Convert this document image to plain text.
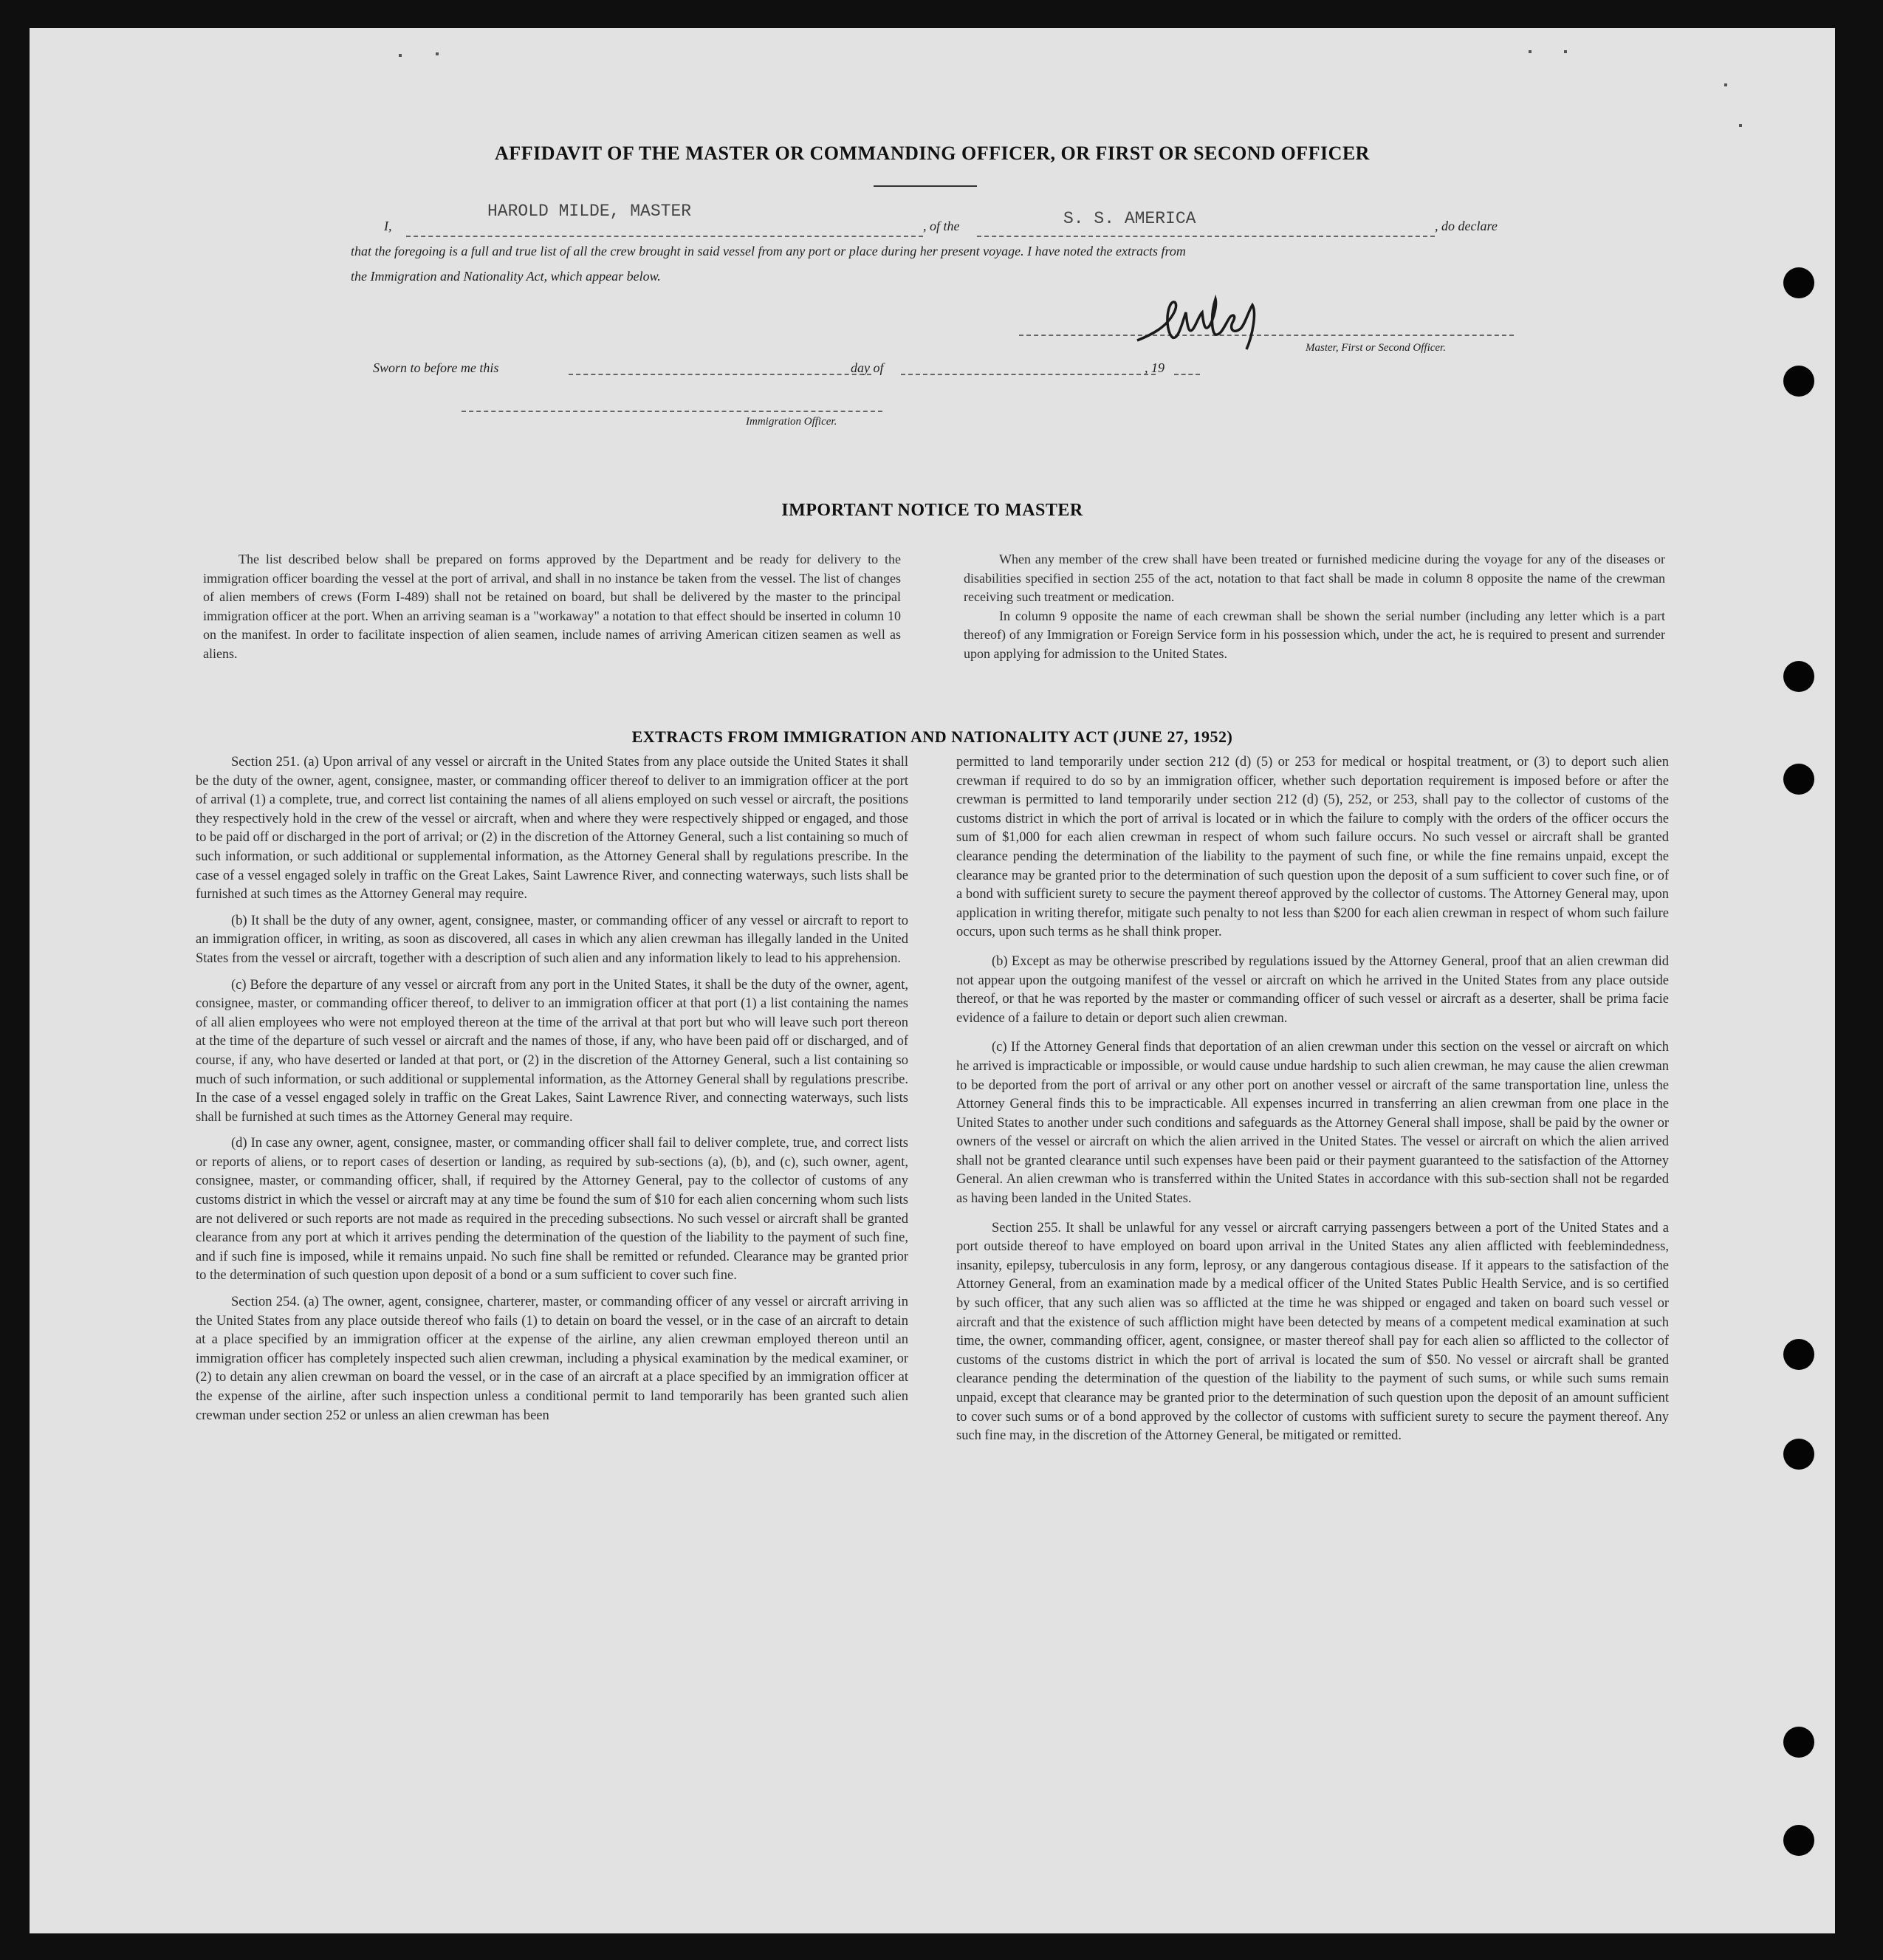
AFFIDAVIT OF THE MASTER OR COMMANDING OFFICER, OR FIRST OR SECOND OFFICER
I,
HAROLD MILDE, MASTER
, of the	S. S. AMERICA	, do declare
that the foregoing is a full and true list of all the crew brought in said vessel from any port or place during her present voyage. I have noted the extracts from
the Immigration and Nationality Act, which appear below.
Master, First or Second Officer.
Sworn to before me this	day of	, 19
Immigration Officer.
IMPORTANT NOTICE TO MASTER

The list described below shall be prepared on forms approved by the Department and be ready for delivery to the immigration officer boarding the vessel at the port of arrival, and shall in no instance be taken from the vessel. The list of changes of alien members of crews (Form I-489) shall not be retained on board, but shall be delivered by the master to the principal immigration officer at the port. When an arriving seaman is a "workaway" a notation to that effect should be inserted in column 10 on the manifest. In order to facilitate inspection of alien seamen, include names of arriving American citizen seamen as well as aliens.

When any member of the crew shall have been treated or furnished medicine during the voyage for any of the diseases or disabilities specified in section 255 of the act, notation to that fact shall be made in column 8 opposite the name of the crewman receiving such treatment or medication.

In column 9 opposite the name of each crewman shall be shown the serial number (including any letter which is a part thereof) of any Immigration or Foreign Service form in his possession which, under the act, he is required to present and surrender upon applying for admission to the United States.

EXTRACTS FROM IMMIGRATION AND NATIONALITY ACT (JUNE 27, 1952)

Section 251. (a) Upon arrival of any vessel or aircraft in the United States from any place outside the United States it shall be the duty of the owner, agent, consignee, master, or commanding officer thereof to deliver to an immigration officer at the port of arrival (1) a complete, true, and correct list containing the names of all aliens employed on such vessel or aircraft, the positions they respectively hold in the crew of the vessel or aircraft, when and where they were respectively shipped or engaged, and those to be paid off or discharged in the port of arrival; or (2) in the discretion of the Attorney General, such a list containing so much of such information, or such additional or supplemental information, as the Attorney General shall by regulations prescribe. In the case of a vessel engaged solely in traffic on the Great Lakes, Saint Lawrence River, and connecting waterways, such lists shall be furnished at such times as the Attorney General may require.

(b) It shall be the duty of any owner, agent, consignee, master, or commanding officer of any vessel or aircraft to report to an immigration officer, in writing, as soon as discovered, all cases in which any alien crewman has illegally landed in the United States from the vessel or aircraft, together with a description of such alien and any information likely to lead to his apprehension.

(c) Before the departure of any vessel or aircraft from any port in the United States, it shall be the duty of the owner, agent, consignee, master, or commanding officer thereof, to deliver to an immigration officer at that port (1) a list containing the names of all alien employees who were not employed thereon at the time of the arrival at that port but who will leave such port thereon at the time of the departure of such vessel or aircraft and the names of those, if any, who have been paid off or discharged, and of course, if any, who have deserted or landed at that port, or (2) in the discretion of the Attorney General, such a list containing so much of such information, or such additional or supplemental information, as the Attorney General shall by regulations prescribe. In the case of a vessel engaged solely in traffic on the Great Lakes, Saint Lawrence River, and connecting waterways, such lists shall be furnished at such times as the Attorney General may require.

(d) In case any owner, agent, consignee, master, or commanding officer shall fail to deliver complete, true, and correct lists or reports of aliens, or to report cases of desertion or landing, as required by sub-sections (a), (b), and (c), such owner, agent, consignee, master, or commanding officer, shall, if required by the Attorney General, pay to the collector of customs of any customs district in which the vessel or aircraft may at any time be found the sum of $10 for each alien concerning whom such lists are not delivered or such reports are not made as required in the preceding subsections. No such vessel or aircraft shall be granted clearance from any port at which it arrives pending the determination of the question of the liability to the payment of such fine, and if such fine is imposed, while it remains unpaid. No such fine shall be remitted or refunded. Clearance may be granted prior to the determination of such question upon deposit of a bond or a sum sufficient to cover such fine.

Section 254. (a) The owner, agent, consignee, charterer, master, or commanding officer of any vessel or aircraft arriving in the United States from any place outside thereof who fails (1) to detain on board the vessel, or in the case of an aircraft to detain at a place specified by an immigration officer at the expense of the airline, any alien crewman employed thereon until an immigration officer has completely inspected such alien crewman, including a physical examination by the medical examiner, or (2) to detain any alien crewman on board the vessel, or in the case of an aircraft at a place specified by an immigration officer at the expense of the airline, after such inspection unless a conditional permit to land temporarily has been granted such alien crewman under section 252 or unless an alien crewman has been

permitted to land temporarily under section 212 (d) (5) or 253 for medical or hospital treatment, or (3) to deport such alien crewman if required to do so by an immigration officer, whether such deportation requirement is imposed before or after the crewman is permitted to land temporarily under section 212 (d) (5), 252, or 253, shall pay to the collector of customs of the customs district in which the port of arrival is located or in which the failure to comply with the orders of the officer occurs the sum of $1,000 for each alien crewman in respect of whom such failure occurs. No such vessel or aircraft shall be granted clearance pending the determination of the liability to the payment of such fine, or while the fine remains unpaid, except the clearance may be granted prior to the determination of such question upon the deposit of a sum sufficient to cover such fine, or of a bond with sufficient surety to secure the payment thereof approved by the collector of customs. The Attorney General may, upon application in writing therefor, mitigate such penalty to not less than $200 for each alien crewman in respect of whom such failure occurs, upon such terms as he shall think proper.

(b) Except as may be otherwise prescribed by regulations issued by the Attorney General, proof that an alien crewman did not appear upon the outgoing manifest of the vessel or aircraft on which he arrived in the United States from any place outside thereof, or that he was reported by the master or commanding officer of such vessel or aircraft as a deserter, shall be prima facie evidence of a failure to detain or deport such alien crewman.

(c) If the Attorney General finds that deportation of an alien crewman under this section on the vessel or aircraft on which he arrived is impracticable or impossible, or would cause undue hardship to such alien crewman, he may cause the alien crewman to be deported from the port of arrival or any other port on another vessel or aircraft of the same transportation line, unless the Attorney General finds this to be impracticable. All expenses incurred in transferring an alien crewman from one place in the United States to another under such conditions and safeguards as the Attorney General shall impose, shall be paid by the owner or owners of the vessel or aircraft on which the alien arrived in the United States. The vessel or aircraft on which the alien arrived shall not be granted clearance until such expenses have been paid or their payment guaranteed to the satisfaction of the Attorney General. An alien crewman who is transferred within the United States in accordance with this sub-section shall not be regarded as having been landed in the United States.

Section 255. It shall be unlawful for any vessel or aircraft carrying passengers between a port of the United States and a port outside thereof to have employed on board upon arrival in the United States any alien afflicted with feeblemindedness, insanity, epilepsy, tuberculosis in any form, leprosy, or any dangerous contagious disease. If it appears to the satisfaction of the Attorney General, from an examination made by a medical officer of the United States Public Health Service, and is so certified by such officer, that any such alien was so afflicted at the time he was shipped or engaged and taken on board such vessel or aircraft and that the existence of such affliction might have been detected by means of a competent medical examination at such time, the owner, commanding officer, agent, consignee, or master thereof shall pay for each alien so afflicted to the collector of customs of the customs district in which the port of arrival is located the sum of $50. No vessel or aircraft shall be granted clearance pending the determination of the question of the liability to the payment of such sums, or while such sums remain unpaid, except that clearance may be granted prior to the determination of such question upon the deposit of an amount sufficient to cover such sums or of a bond approved by the collector of customs with sufficient surety to secure the payment thereof. Any such fine may, in the discretion of the Attorney General, be mitigated or remitted.
